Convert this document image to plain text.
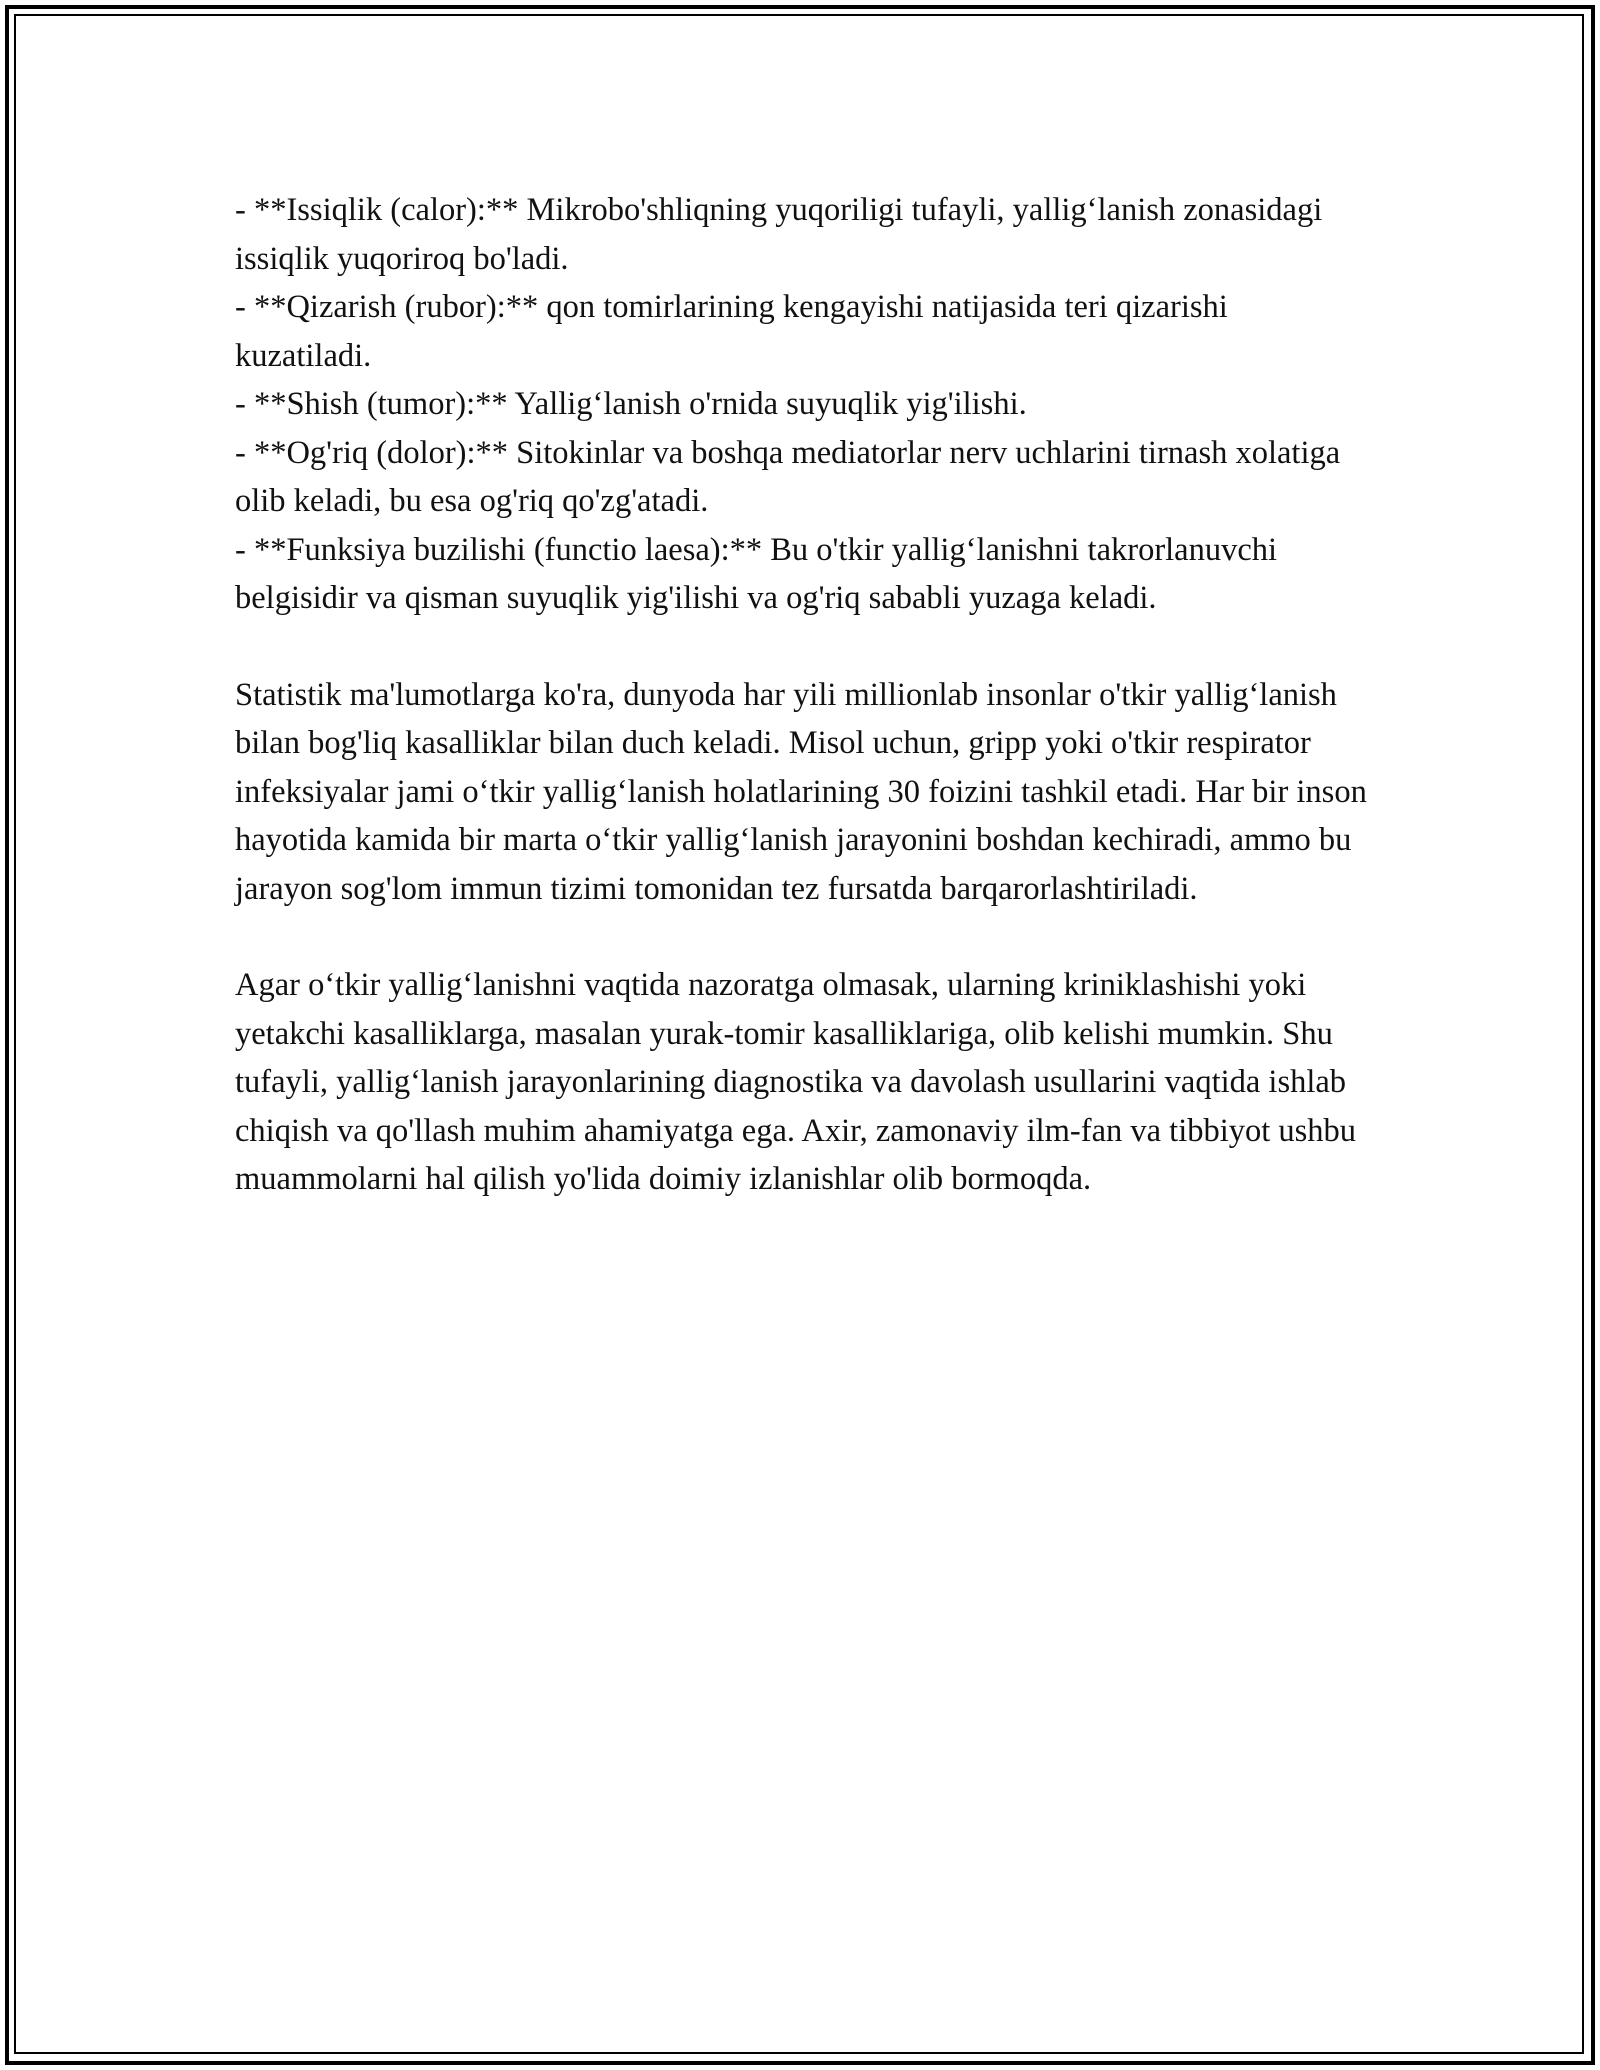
- **Issiqlik (calor):** Mikrobo'shliqning yuqoriligi tufayli, yallig‘lanish zonasidagi issiqlik yuqoriroq bo'ladi.

- **Qizarish (rubor):** qon tomirlarining kengayishi natijasida teri qizarishi kuzatiladi.

- **Shish (tumor):** Yallig‘lanish o'rnida suyuqlik yig'ilishi.

- **Og'riq (dolor):** Sitokinlar va boshqa mediatorlar nerv uchlarini tirnash xolatiga olib keladi, bu esa og'riq qo'zg'atadi.

- **Funksiya buzilishi (functio laesa):** Bu o'tkir yallig‘lanishni takrorlanuvchi belgisidir va qisman suyuqlik yig'ilishi va og'riq sababli yuzaga keladi.

Statistik ma'lumotlarga ko'ra, dunyoda har yili millionlab insonlar o'tkir yallig‘lanish bilan bog'liq kasalliklar bilan duch keladi. Misol uchun, gripp yoki o'tkir respirator infeksiyalar jami o‘tkir yallig‘lanish holatlarining 30 foizini tashkil etadi. Har bir inson hayotida kamida bir marta o‘tkir yallig‘lanish jarayonini boshdan kechiradi, ammo bu jarayon sog'lom immun tizimi tomonidan tez fursatda barqarorlashtiriladi.

Agar o‘tkir yallig‘lanishni vaqtida nazoratga olmasak, ularning kriniklashishi yoki yetakchi kasalliklarga, masalan yurak-tomir kasalliklariga, olib kelishi mumkin. Shu tufayli, yallig‘lanish jarayonlarining diagnostika va davolash usullarini vaqtida ishlab chiqish va qo'llash muhim ahamiyatga ega. Axir, zamonaviy ilm-fan va tibbiyot ushbu muammolarni hal qilish yo'lida doimiy izlanishlar olib bormoqda.
